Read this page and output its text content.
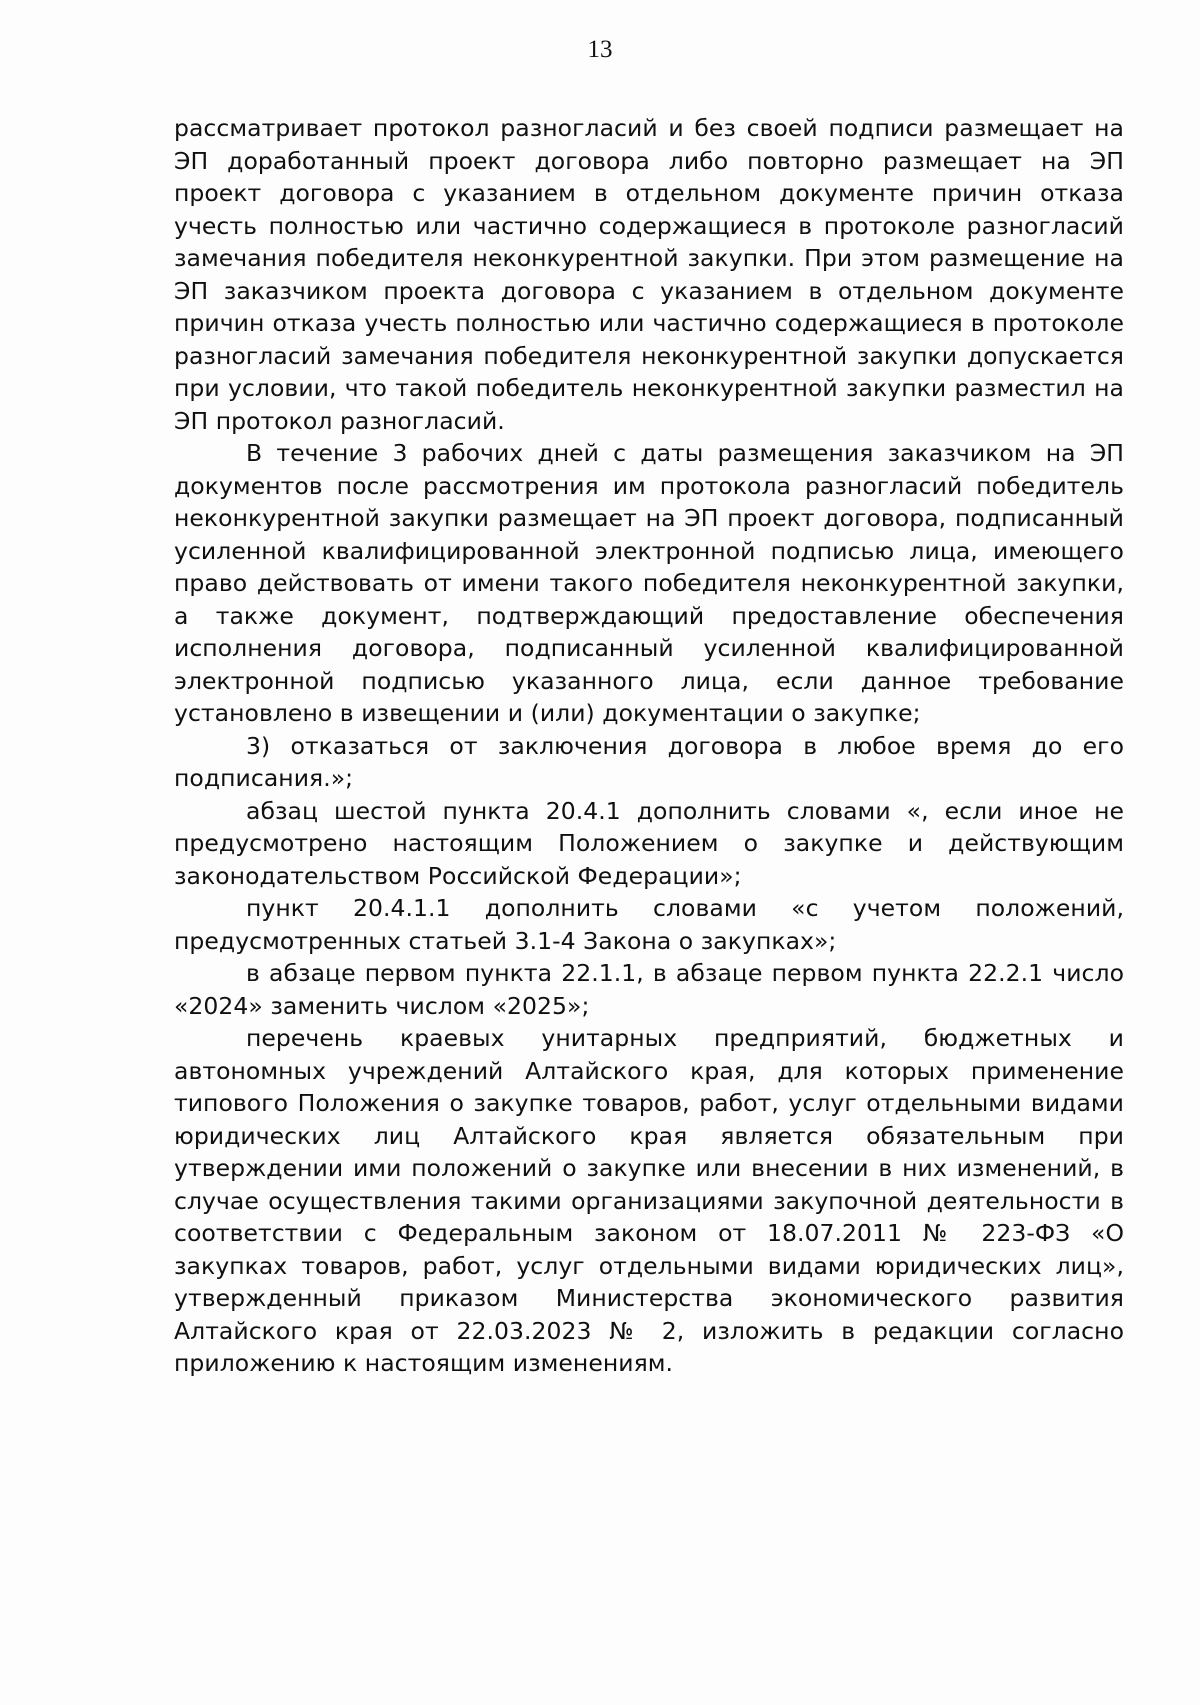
13

рассматривает протокол разногласий и без своей подписи размещает на ЭП доработанный проект договора либо повторно размещает на ЭП проект договора с указанием в отдельном документе причин отказа учесть полностью или частично содержащиеся в протоколе разногласий замечания победителя неконкурентной закупки. При этом размещение на ЭП заказчиком проекта договора с указанием в отдельном документе причин отказа учесть полностью или частично содержащиеся в протоколе разногласий замечания победителя неконкурентной закупки допускается при условии, что такой победитель неконкурентной закупки разместил на ЭП протокол разногласий.

В течение 3 рабочих дней с даты размещения заказчиком на ЭП документов после рассмотрения им протокола разногласий победитель неконкурентной закупки размещает на ЭП проект договора, подписанный усиленной квалифицированной электронной подписью лица, имеющего право действовать от имени такого победителя неконкурентной закупки, а также документ, подтверждающий предоставление обеспечения исполнения договора, подписанный усиленной квалифицированной электронной подписью указанного лица, если данное требование установлено в извещении и (или) документации о закупке;

3) отказаться от заключения договора в любое время до его подписания.»;

абзац шестой пункта 20.4.1 дополнить словами «, если иное не предусмотрено настоящим Положением о закупке и действующим законодательством Российской Федерации»;

пункт 20.4.1.1 дополнить словами «с учетом положений, предусмотренных статьей 3.1-4 Закона о закупках»;

в абзаце первом пункта 22.1.1, в абзаце первом пункта 22.2.1 число «2024» заменить числом «2025»;

перечень краевых унитарных предприятий, бюджетных и автономных учреждений Алтайского края, для которых применение типового Положения о закупке товаров, работ, услуг отдельными видами юридических лиц Алтайского края является обязательным при утверждении ими положений о закупке или внесении в них изменений, в случае осуществления такими организациями закупочной деятельности в соответствии с Федеральным законом от 18.07.2011 № 223-ФЗ «О закупках товаров, работ, услуг отдельными видами юридических лиц», утвержденный приказом Министерства экономического развития Алтайского края от 22.03.2023 № 2, изложить в редакции согласно приложению к настоящим изменениям.
